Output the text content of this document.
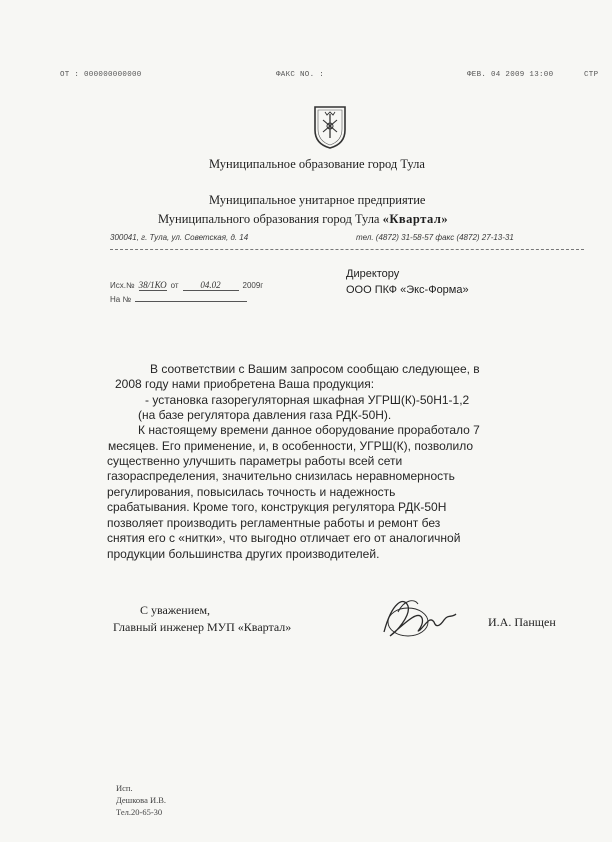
ОТ : 000000000000	ФАКС NO. :	ФЕВ. 04 2009 13:00	СТР
Муниципальное образование город Тула
Муниципальное унитарное предприятие
Муниципального образования город Тула «Квартал»
300041, г. Тула, ул. Советская, д. 14	тел. (4872) 31-58-57 факс (4872) 27-13-31
Исх.№ 38/1КО от 04.02	2009г
На №
Директору
ООО ПКФ «Экс-Форма»
В соответствии с Вашим запросом сообщаю следующее, в
2008 году нами приобретена Ваша продукция:
- установка газорегуляторная шкафная УГРШ(К)-50Н1-1,2
(на базе регулятора давления газа РДК-50Н).
К настоящему времени данное оборудование проработало 7
месяцев. Его применение, и, в особенности, УГРШ(К), позволило
существенно улучшить параметры работы всей сети
газораспределения, значительно снизилась неравномерность
регулирования, повысилась точность и надежность
срабатывания. Кроме того, конструкция регулятора РДК-50Н
позволяет производить регламентные работы и ремонт без
снятия его с «нитки», что выгодно отличает его от аналогичной
продукции большинства других производителей.
С уважением,
Главный инженер МУП «Квартал»	И.А. Панщен
Исп.
Дешкова И.В.
Тел.20-65-30
